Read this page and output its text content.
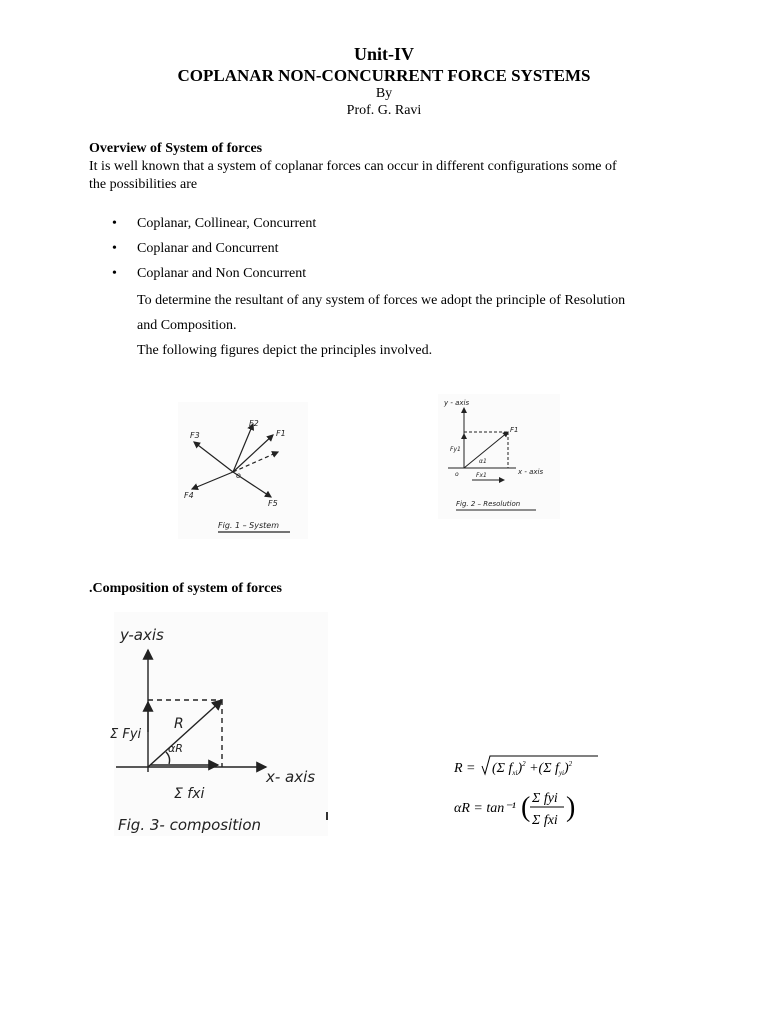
Unit-IV
COPLANAR NON-CONCURRENT FORCE SYSTEMS
By
Prof. G. Ravi
Overview of System of forces
It is well known that a system of coplanar forces can occur in different configurations some of
the possibilities are
• Coplanar, Collinear, Concurrent
• Coplanar and Concurrent
• Coplanar and Non Concurrent
To determine the resultant of any system of forces we adopt the principle of Resolution
and Composition.
The following figures depict the principles involved.
F2
F1
F3
F4
F5
o
Fig. 1 – System
y - axis
x - axis
F1
Fy1
Fx1
α1
o
Fig. 2 – Resolution
.Composition of system of forces
y-axis
x- axis
R
Σ Fyi
Σ fxi
αR
Fig. 3- composition
R = (Σ $f_{xi})^2 +(\Sigma$ $f_{yi})^2$
αR = tan⁻¹ ( Σ fyi
Σ fxi )
